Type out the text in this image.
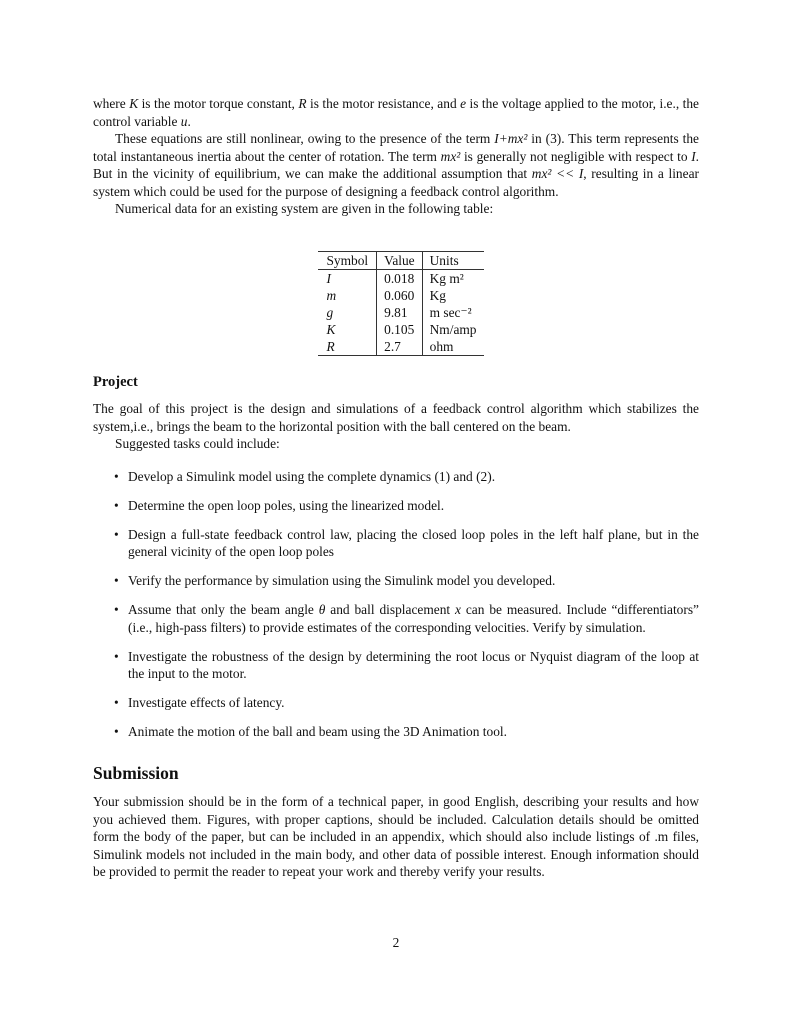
where K is the motor torque constant, R is the motor resistance, and e is the voltage applied to the motor, i.e., the control variable u.

These equations are still nonlinear, owing to the presence of the term I+mx² in (3). This term represents the total instantaneous inertia about the center of rotation. The term mx² is generally not negligible with respect to I. But in the vicinity of equilibrium, we can make the additional assumption that mx² << I, resulting in a linear system which could be used for the purpose of designing a feedback control algorithm.

Numerical data for an existing system are given in the following table:

Symbol	Value	Units
I	0.018	Kg m²
m	0.060	Kg
g	9.81	m sec⁻²
K	0.105	Nm/amp
R	2.7	ohm
Project

The goal of this project is the design and simulations of a feedback control algorithm which stabilizes the system,i.e., brings the beam to the horizontal position with the ball centered on the beam.

Suggested tasks could include:

• Develop a Simulink model using the complete dynamics (1) and (2).
• Determine the open loop poles, using the linearized model.
• Design a full-state feedback control law, placing the closed loop poles in the left half plane, but in the general vicinity of the open loop poles
• Verify the performance by simulation using the Simulink model you developed.
• Assume that only the beam angle θ and ball displacement x can be measured. Include “differentiators” (i.e., high-pass filters) to provide estimates of the corresponding velocities. Verify by simulation.
• Investigate the robustness of the design by determining the root locus or Nyquist diagram of the loop at the input to the motor.
• Investigate effects of latency.
• Animate the motion of the ball and beam using the 3D Animation tool.
Submission

Your submission should be in the form of a technical paper, in good English, describing your results and how you achieved them. Figures, with proper captions, should be included. Calculation details should be omitted form the body of the paper, but can be included in an appendix, which should also include listings of .m files, Simulink models not included in the main body, and other data of possible interest. Enough information should be provided to permit the reader to repeat your work and thereby verify your results.

2
